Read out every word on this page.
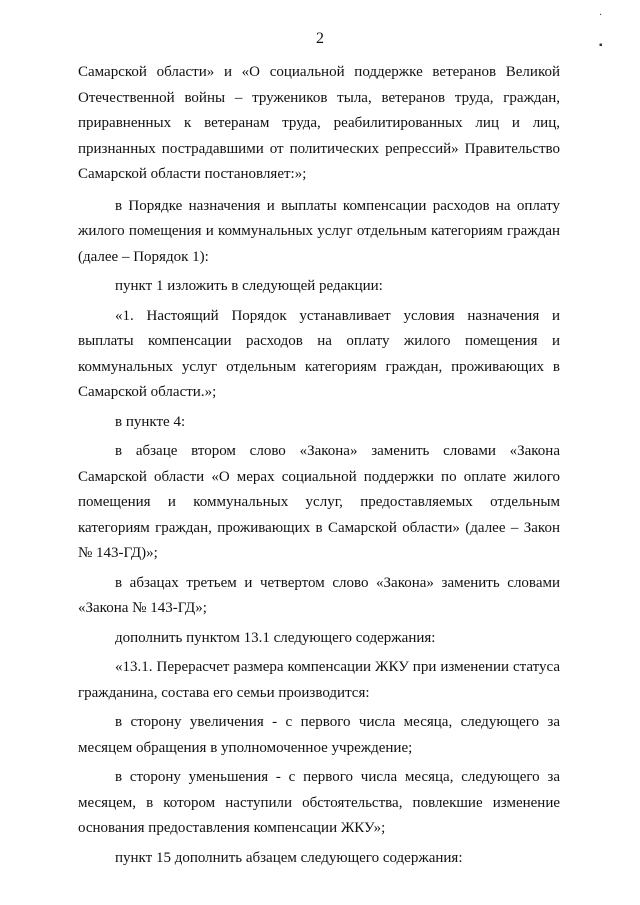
·
▪
2

Самарской области» и «О социальной поддержке ветеранов Великой Отечественной войны – тружеников тыла, ветеранов труда, граждан, приравненных к ветеранам труда, реабилитированных лиц и лиц, признанных пострадавшими от политических репрессий» Правительство Самарской области постановляет:»;

в Порядке назначения и выплаты компенсации расходов на оплату жилого помещения и коммунальных услуг отдельным категориям граждан (далее – Порядок 1):

пункт 1 изложить в следующей редакции:

«1. Настоящий Порядок устанавливает условия назначения и выплаты компенсации расходов на оплату жилого помещения и коммунальных услуг отдельным категориям граждан, проживающих в Самарской области.»;

в пункте 4:

в абзаце втором слово «Закона» заменить словами «Закона Самарской области «О мерах социальной поддержки по оплате жилого помещения и коммунальных услуг, предоставляемых отдельным категориям граждан, проживающих в Самарской области» (далее – Закон № 143-ГД)»;

в абзацах третьем и четвертом слово «Закона» заменить словами «Закона № 143-ГД»;

дополнить пунктом 13.1 следующего содержания:

«13.1. Перерасчет размера компенсации ЖКУ при изменении статуса гражданина, состава его семьи производится:

в сторону увеличения - с первого числа месяца, следующего за месяцем обращения в уполномоченное учреждение;

в сторону уменьшения - с первого числа месяца, следующего за месяцем, в котором наступили обстоятельства, повлекшие изменение основания предоставления компенсации ЖКУ»;

пункт 15 дополнить абзацем следующего содержания:
